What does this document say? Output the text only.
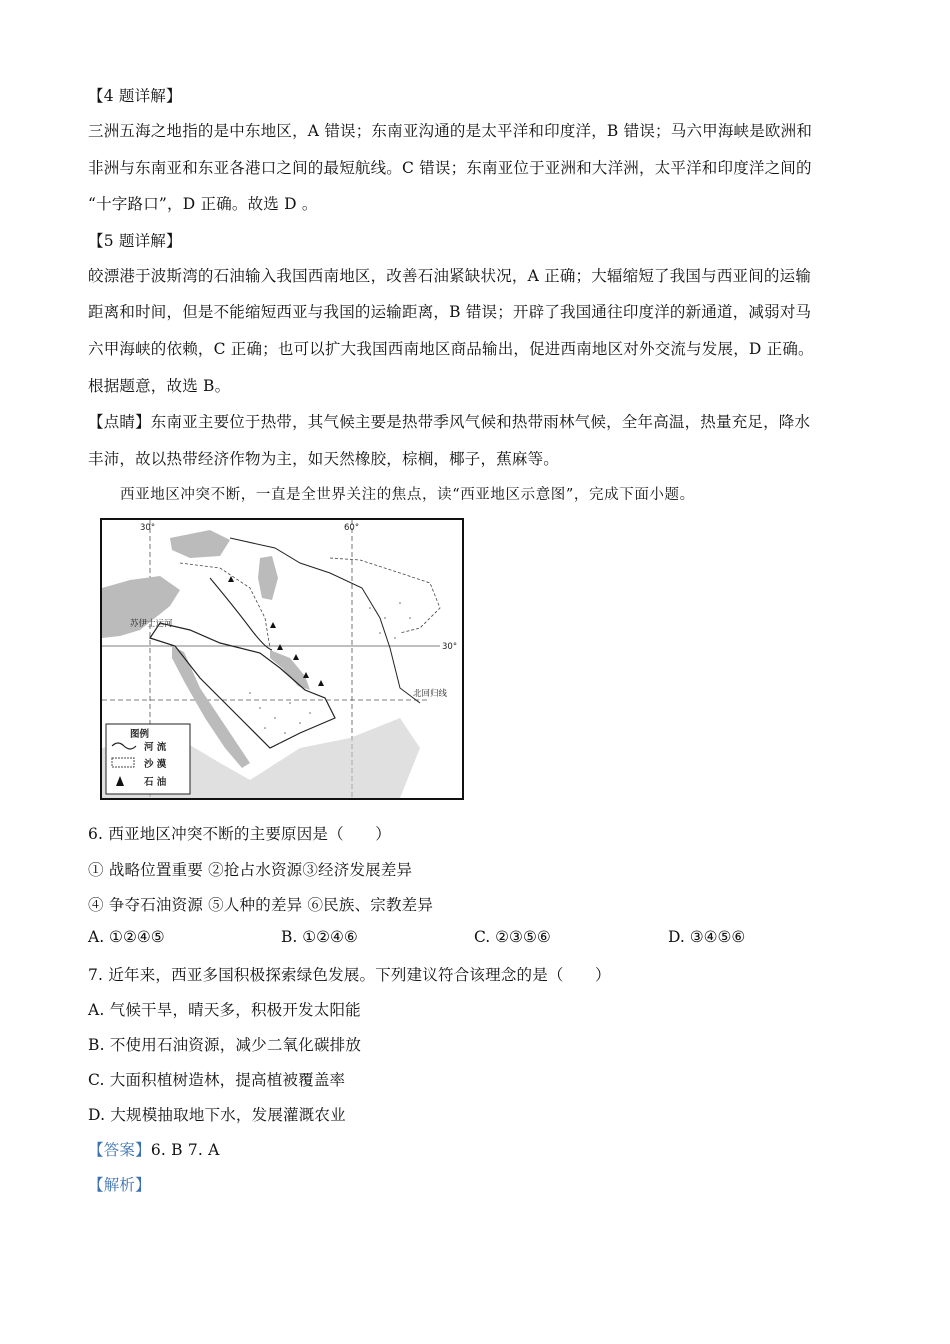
【4 题详解】
三洲五海之地指的是中东地区，A 错误；东南亚沟通的是太平洋和印度洋，B 错误；马六甲海峡是欧洲和
非洲与东南亚和东亚各港口之间的最短航线。C 错误；东南亚位于亚洲和大洋洲，太平洋和印度洋之间的
“十字路口”，D 正确。故选 D 。
【5 题详解】
皎漂港于波斯湾的石油输入我国西南地区，改善石油紧缺状况，A 正确；大辐缩短了我国与西亚间的运输
距离和时间，但是不能缩短西亚与我国的运输距离，B 错误；开辟了我国通往印度洋的新通道，减弱对马
六甲海峡的依赖，C 正确；也可以扩大我国西南地区商品输出，促进西南地区对外交流与发展，D 正确。
根据题意，故选 B。
【点睛】东南亚主要位于热带，其气候主要是热带季风气候和热带雨林气候，全年高温，热量充足，降水
丰沛，故以热带经济作物为主，如天然橡胶，棕榈，椰子，蕉麻等。
西亚地区冲突不断，一直是全世界关注的焦点，读“西亚地区示意图”，完成下面小题。
30°	60°
30°
苏伊士运河
北回归线
图例
河 流
沙 漠
石 油
6. 西亚地区冲突不断的主要原因是（　　）
① 战略位置重要 ②抢占水资源③经济发展差异
④ 争夺石油资源 ⑤人种的差异 ⑥民族、宗教差异
A. ①②④⑤	B. ①②④⑥	C. ②③⑤⑥	D. ③④⑤⑥
7. 近年来，西亚多国积极探索绿色发展。下列建议符合该理念的是（　　）
A. 气候干旱，晴天多，积极开发太阳能
B. 不使用石油资源，减少二氧化碳排放
C. 大面积植树造林，提高植被覆盖率
D. 大规模抽取地下水，发展灌溉农业
【答案】6. B 7. A
【解析】
